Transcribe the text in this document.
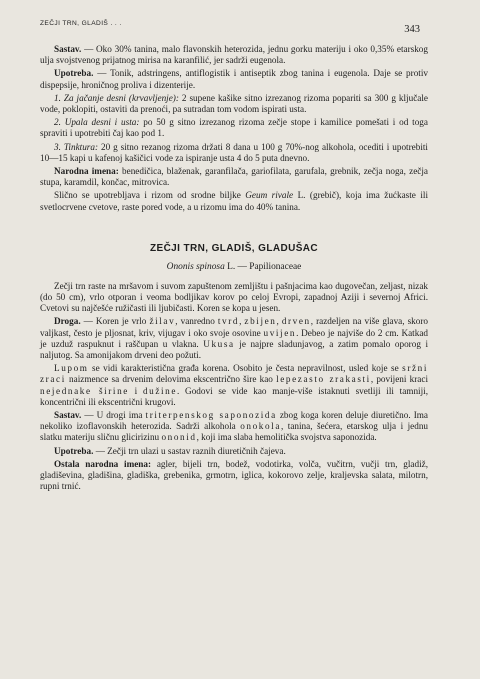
ZEČJI TRN, GLADIŠ . . .
343

Sastav. — Oko 30% tanina, malo flavonskih heterozida, jednu gorku materiju i oko 0,35% etarskog ulja svojstvenog prijatnog mirisa na karanfilić, jer sadrži eugenola.

Upotreba. — Tonik, adstringens, antiflogistik i antiseptik zbog tanina i eugenola. Daje se protiv dispepsije, hroničnog proliva i dizenterije.

1. Za jačanje desni (krvavljenje): 2 supene kašike sitno izrezanog rizoma popariti sa 300 g ključale vode, poklopiti, ostaviti da prenoći, pa sutradan tom vodom ispirati usta.

2. Upala desni i usta: po 50 g sitno izrezanog rizoma zečje stope i kamilice pomešati i od toga spraviti i upotrebiti čaj kao pod 1.

3. Tinktura: 20 g sitno rezanog rizoma držati 8 dana u 100 g 70%-nog alkohola, ocediti i upotrebiti 10—15 kapi u kafenoj kašičici vode za ispiranje usta 4 do 5 puta dnevno.

Narodna imena: benedičica, blaženak, garanfilača, gariofilata, garufala, grebnik, zečja noga, zečja stupa, karamdil, končac, mitrovica.

Slično se upotrebljava i rizom od srodne biljke Geum rivale L. (grebič), koja ima žućkaste ili svetlocrvene cvetove, raste pored vode, a u rizomu ima do 40% tanina.

ZEČJI TRN, GLADIŠ, GLADUŠAC
Ononis spinosa L. — Papilionaceae

Zečji trn raste na mršavom i suvom zapuštenom zemljištu i pašnjacima kao dugovečan, zeljast, nizak (do 50 cm), vrlo otporan i veoma bodljikav korov po celoj Evropi, zapadnoj Aziji i severnoj Africi. Cvetovi su najčešće ružičasti ili ljubičasti. Koren se kopa u jesen.

Droga. — Koren je vrlo žilav, vanredno tvrd, zbijen, drven, razdeljen na više glava, skoro valjkast, često je pljosnat, kriv, vijugav i oko svoje osovine uvijen. Debeo je najviše do 2 cm. Katkad je uzduž raspuknut i raščupan u vlakna. Ukusa je najpre sladunjavog, a zatim pomalo oporog i naljutog. Sa amonijakom drveni deo požuti.

Lupom se vidi karakteristična građa korena. Osobito je česta nepravilnost, usled koje se sržni zraci naizmence sa drvenim delovima ekscentrično šire kao lepezasto zrakasti, povijeni kraci nejednake širine i dužine. Godovi se vide kao manje-više istaknuti svetliji ili tamniji, koncentrični ili ekscentrični krugovi.

Sastav. — U drogi ima triterpenskog saponozida zbog koga koren deluje diuretično. Ima nekoliko izoflavonskih heterozida. Sadrži alkohola onokola, tanina, šećera, etarskog ulja i jednu slatku materiju sličnu glicirizinu ononid, koji ima slaba hemolitička svojstva saponozida.

Upotreba. — Zečji trn ulazi u sastav raznih diuretičnih čajeva.

Ostala narodna imena: agler, bijeli trn, bodež, vodotirka, volča, vučitrn, vučji trn, gladiž, gladiševina, gladišina, gladiška, grebenika, grmotrn, iglica, kokorovo zelje, kraljevska salata, milotrn, rupni trnić.
